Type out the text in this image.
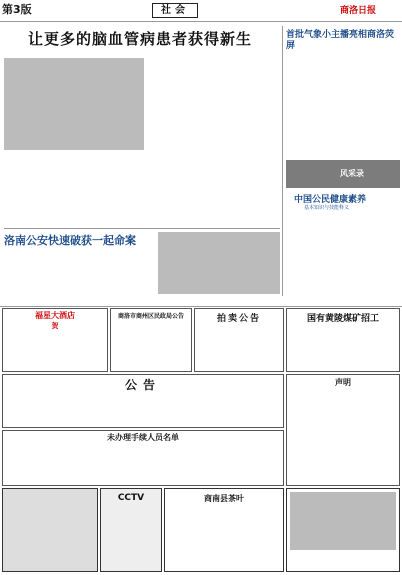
第3版	社会	商洛日报
让更多的脑血管病患者获得新生	首批气象小主播亮相商洛荧屏
风采录
中国公民健康素养
基本知识与技能释义
洛南公安快速破获一起命案
福星大酒店
贺
商洛市商州区民政局公告	拍卖公告	国有黄陵煤矿招工
公告	声明
未办理手续人员名单
CCTV	商南县茶叶
